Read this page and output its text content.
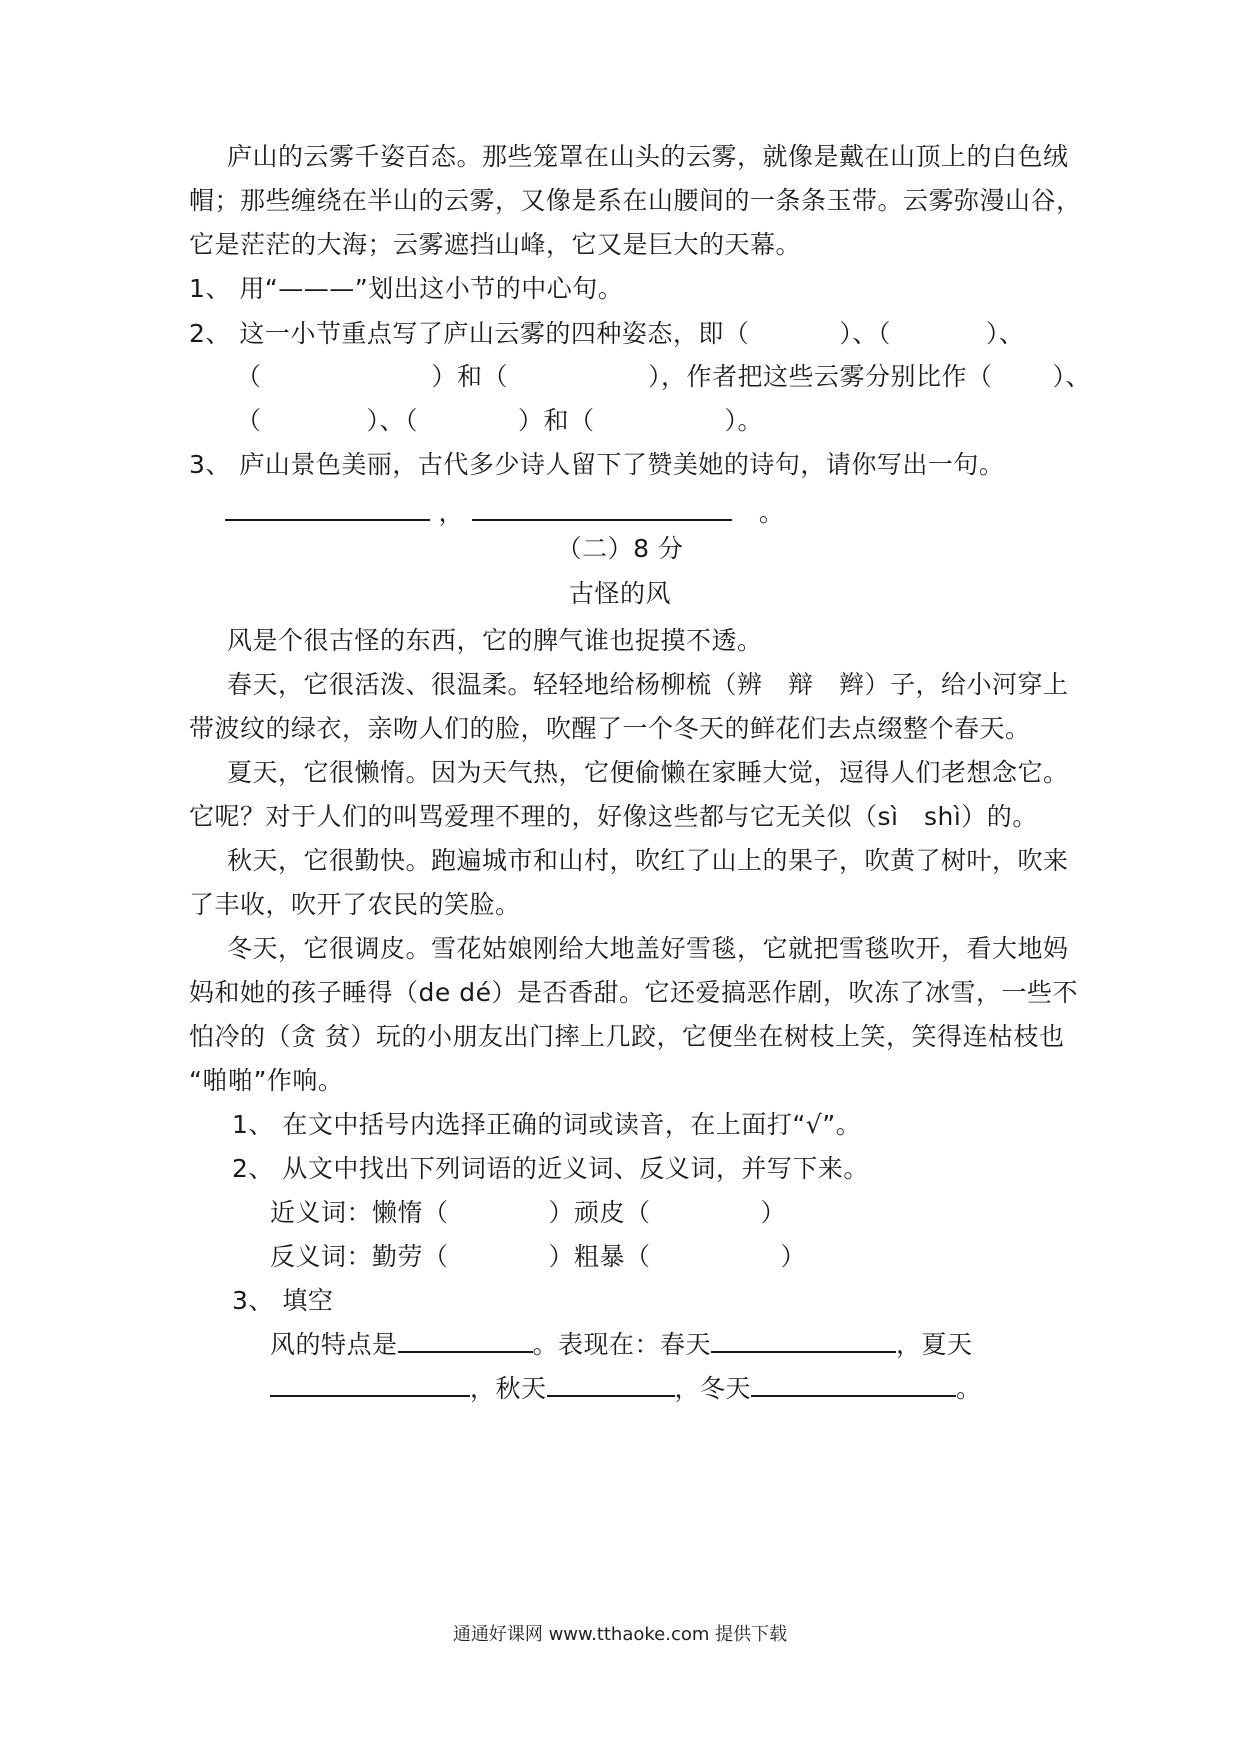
庐山的云雾千姿百态。那些笼罩在山头的云雾，就像是戴在山顶上的白色绒
帽；那些缠绕在半山的云雾，又像是系在山腰间的一条条玉带。云雾弥漫山谷，
它是茫茫的大海；云雾遮挡山峰，它又是巨大的天幕。
1、 用“———”划出这小节的中心句。
2、 这一小节重点写了庐山云雾的四种姿态，即（	）、（	）、
（	）和（	），作者把这些云雾分别比作（ ）、
（	）、（	）和（	）。
3、 庐山景色美丽，古代多少诗人留下了赞美她的诗句，请你写出一句。
，	。
（二）8 分
古怪的风
风是个很古怪的东西，它的脾气谁也捉摸不透。
春天，它很活泼、很温柔。轻轻地给杨柳梳（辨　辩　辫）子，给小河穿上
带波纹的绿衣，亲吻人们的脸，吹醒了一个冬天的鲜花们去点缀整个春天。
夏天，它很懒惰。因为天气热，它便偷懒在家睡大觉，逗得人们老想念它。
它呢？对于人们的叫骂爱理不理的，好像这些都与它无关似（sì　shì）的。
秋天，它很勤快。跑遍城市和山村，吹红了山上的果子，吹黄了树叶，吹来
了丰收，吹开了农民的笑脸。
冬天，它很调皮。雪花姑娘刚给大地盖好雪毯，它就把雪毯吹开，看大地妈
妈和她的孩子睡得（de dé）是否香甜。它还爱搞恶作剧，吹冻了冰雪，一些不
怕冷的（贪 贫）玩的小朋友出门摔上几跤，它便坐在树枝上笑，笑得连枯枝也
“啪啪”作响。
1、 在文中括号内选择正确的词或读音，在上面打“√”。
2、 从文中找出下列词语的近义词、反义词，并写下来。
近义词：懒惰（	）顽皮（	）
反义词：勤劳（	）粗暴（	）
3、 填空
风的特点是	。表现在：春天	，夏天
，秋天	，冬天	。
通通好课网 www.tthaoke.com 提供下载
